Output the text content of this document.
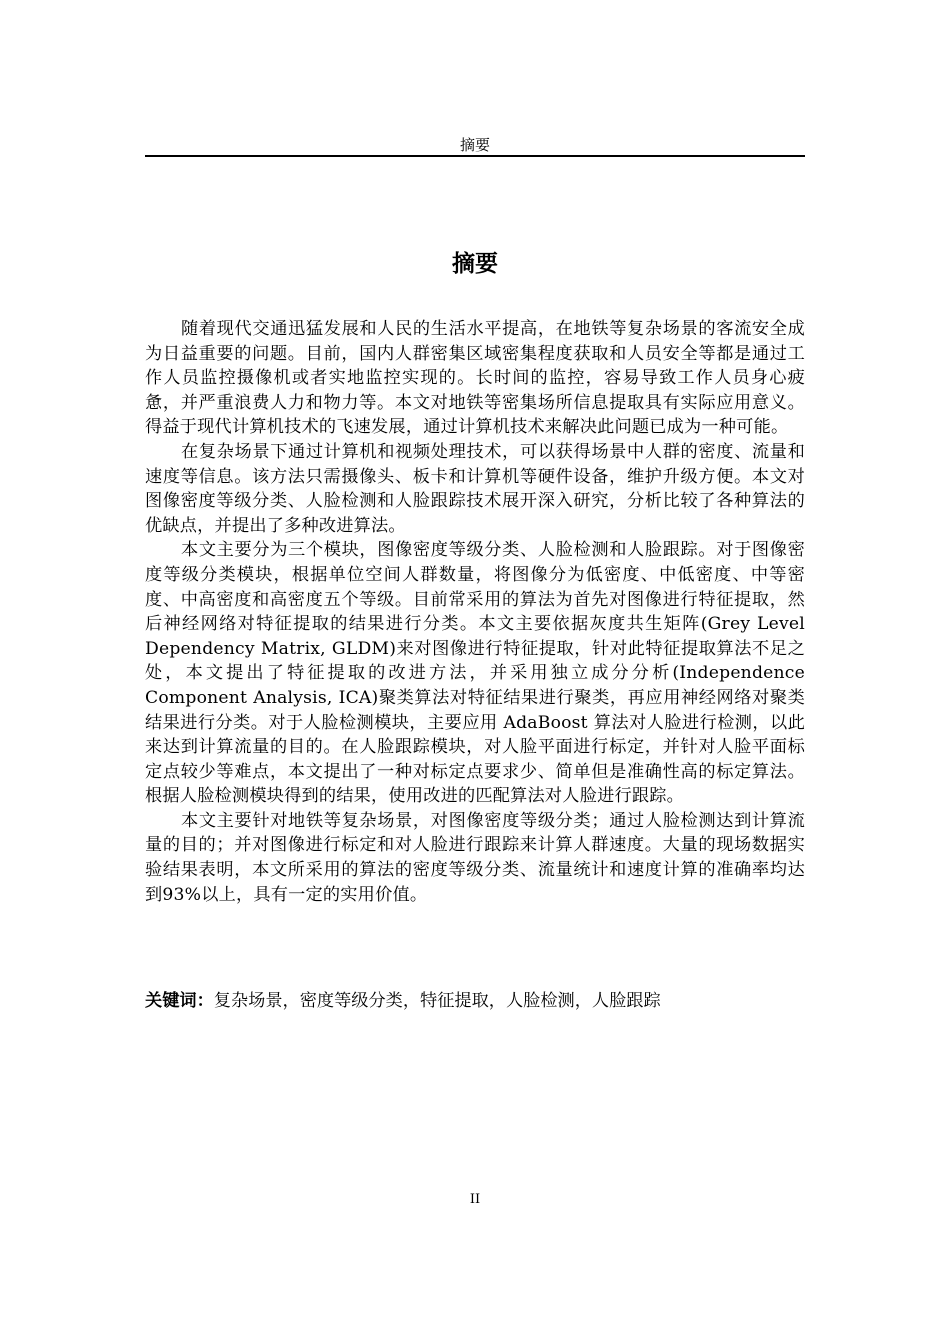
摘要
摘要

随着现代交通迅猛发展和人民的生活水平提高，在地铁等复杂场景的客流安全成为日益重要的问题。目前，国内人群密集区域密集程度获取和人员安全等都是通过工作人员监控摄像机或者实地监控实现的。长时间的监控，容易导致工作人员身心疲惫，并严重浪费人力和物力等。本文对地铁等密集场所信息提取具有实际应用意义。得益于现代计算机技术的飞速发展，通过计算机技术来解决此问题已成为一种可能。

在复杂场景下通过计算机和视频处理技术，可以获得场景中人群的密度、流量和速度等信息。该方法只需摄像头、板卡和计算机等硬件设备，维护升级方便。本文对图像密度等级分类、人脸检测和人脸跟踪技术展开深入研究，分析比较了各种算法的优缺点，并提出了多种改进算法。

本文主要分为三个模块，图像密度等级分类、人脸检测和人脸跟踪。对于图像密度等级分类模块，根据单位空间人群数量，将图像分为低密度、中低密度、中等密度、中高密度和高密度五个等级。目前常采用的算法为首先对图像进行特征提取，然后神经网络对特征提取的结果进行分类。本文主要依据灰度共生矩阵(Grey Level Dependency Matrix, GLDM)来对图像进行特征提取，针对此特征提取算法不足之处，本文提出了特征提取的改进方法，并采用独立成分分析(Independence Component Analysis, ICA)聚类算法对特征结果进行聚类，再应用神经网络对聚类结果进行分类。对于人脸检测模块，主要应用 AdaBoost 算法对人脸进行检测，以此来达到计算流量的目的。在人脸跟踪模块，对人脸平面进行标定，并针对人脸平面标定点较少等难点，本文提出了一种对标定点要求少、简单但是准确性高的标定算法。根据人脸检测模块得到的结果，使用改进的匹配算法对人脸进行跟踪。

本文主要针对地铁等复杂场景，对图像密度等级分类；通过人脸检测达到计算流量的目的；并对图像进行标定和对人脸进行跟踪来计算人群速度。大量的现场数据实验结果表明，本文所采用的算法的密度等级分类、流量统计和速度计算的准确率均达到93%以上，具有一定的实用价值。

关键词：复杂场景，密度等级分类，特征提取，人脸检测，人脸跟踪
II
